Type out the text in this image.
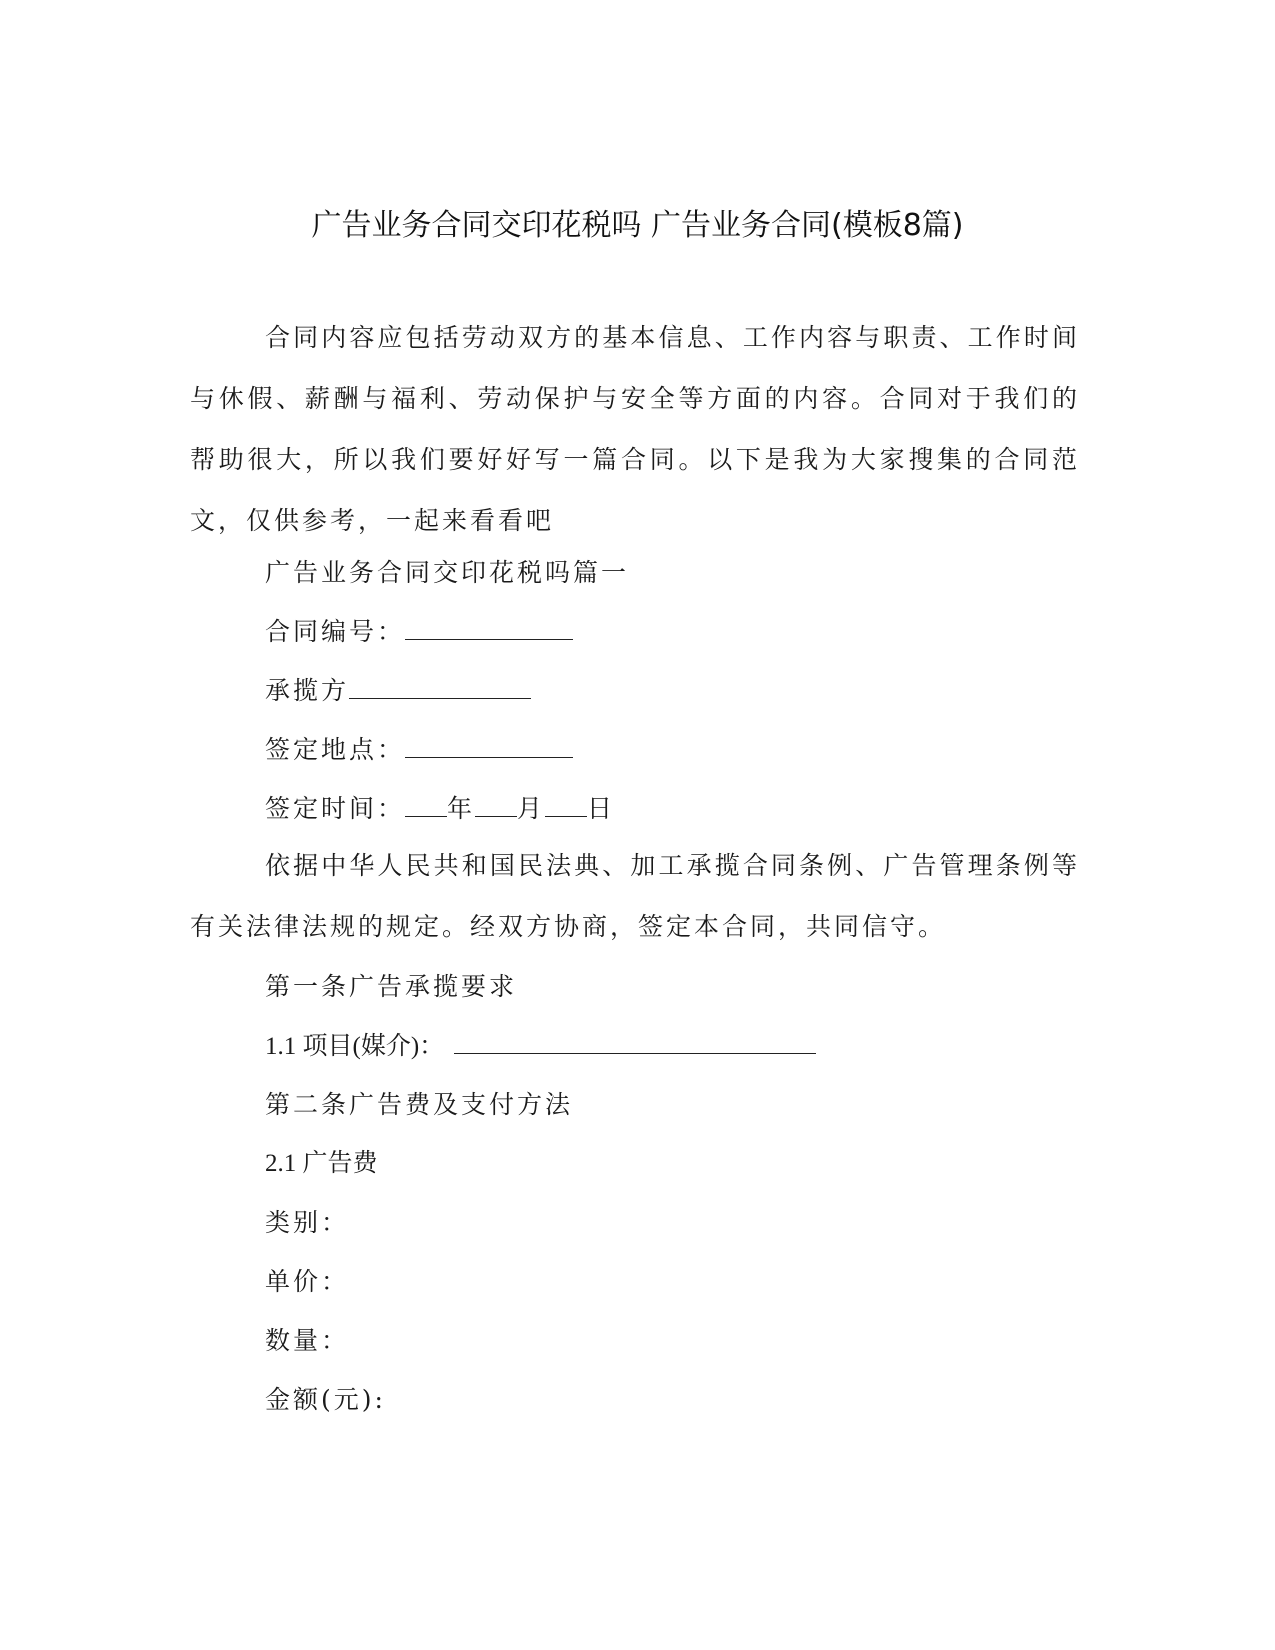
广告业务合同交印花税吗 广告业务合同(模板8篇)

合同内容应包括劳动双方的基本信息、工作内容与职责、工作时间与休假、薪酬与福利、劳动保护与安全等方面的内容。合同对于我们的帮助很大，所以我们要好好写一篇合同。以下是我为大家搜集的合同范文，仅供参考，一起来看看吧

广告业务合同交印花税吗篇一
合同编号：
承揽方
签定地点：
签定时间： 年 月 日

依据中华人民共和国民法典、加工承揽合同条例、广告管理条例等有关法律法规的规定。经双方协商，签定本合同，共同信守。

第一条广告承揽要求
1.1 项目(媒介)：
第二条广告费及支付方法
2.1 广告费
类别：
单价：
数量：
金额(元):
